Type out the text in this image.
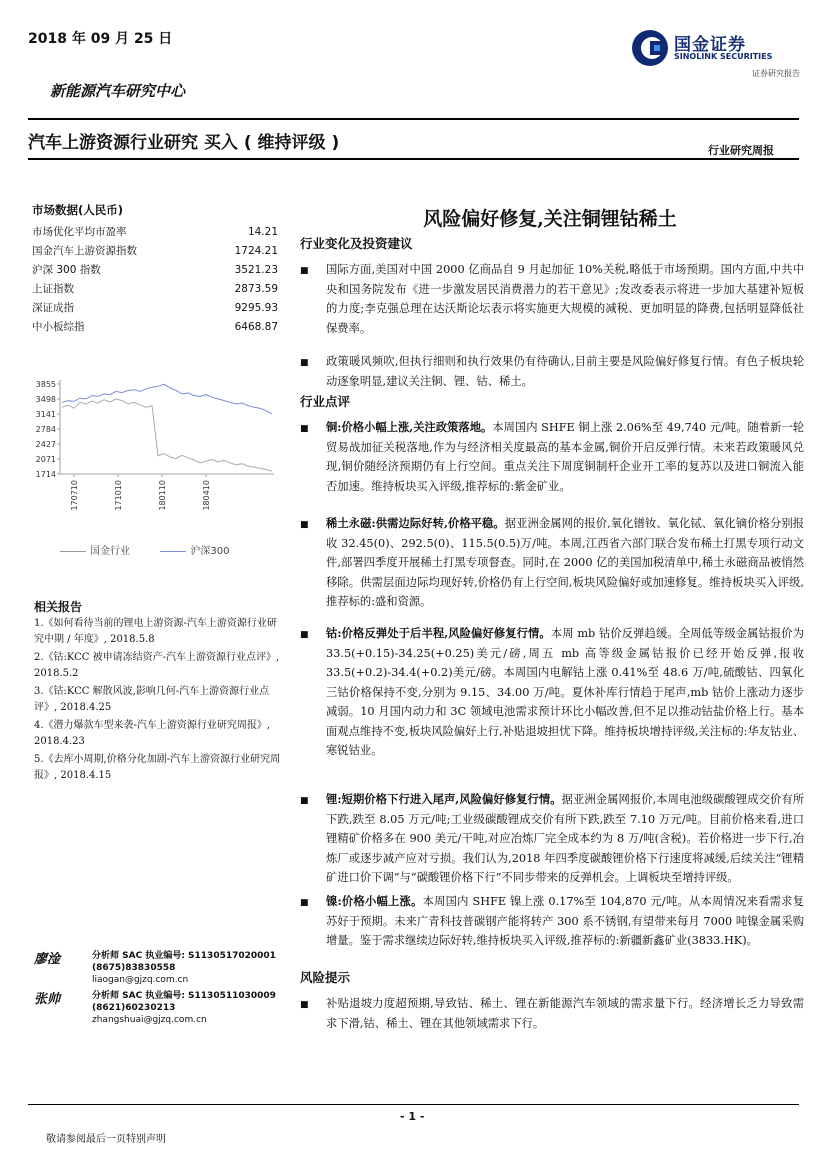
2018 年 09 月 25 日
新能源汽车研究中心
汽车上游资源行业研究 买入 ( 维持评级 )	行业研究周报
国金证券
SINOLINK SECURITIES
证券研究报告
市场数据(人民币)
市场优化平均市盈率	14.21
国金汽车上游资源指数	1724.21
沪深 300 指数	3521.23
上证指数	2873.59
深证成指	9295.93
中小板综指	6468.87
3855
3498
3141
2784
2427
2071
1714
170710	171010	180110	180410
国金行业	沪深300
相关报告
1.《如何看待当前的锂电上游资源-汽车上游资源行业研究中期 / 年度》, 2018.5.8
2.《钴:KCC 被申请冻结资产-汽车上游资源行业点评》, 2018.5.2
3.《钴:KCC 解散风波,影响几何-汽车上游资源行业点评》, 2018.4.25
4.《潜力爆款车型来袭-汽车上游资源行业研究周报》, 2018.4.23
5.《去库小周期,价格分化加剧-汽车上游资源行业研究周报》, 2018.4.15
廖淦	分析师 SAC 执业编号: S1130517020001
(8675)83830558
liaogan@gjzq.com.cn
张帅	分析师 SAC 执业编号: S1130511030009
(8621)60230213
zhangshuai@gjzq.com.cn
风险偏好修复,关注铜锂钴稀土
行业变化及投资建议
■ 国际方面,美国对中国 2000 亿商品自 9 月起加征 10%关税,略低于市场预期。国内方面,中共中央和国务院发布《进一步激发居民消费潜力的若干意见》;发改委表示将进一步加大基建补短板的力度;李克强总理在达沃斯论坛表示将实施更大规模的减税、更加明显的降费,包括明显降低社保费率。
■ 政策暖风频吹,但执行细则和执行效果仍有待确认,目前主要是风险偏好修复行情。有色子板块轮动逐象明显,建议关注铜、锂、钴、稀土。
行业点评
■ 铜:价格小幅上涨,关注政策落地。本周国内 SHFE 铜上涨 2.06%至 49,740 元/吨。随着新一轮贸易战加征关税落地,作为与经济相关度最高的基本金属,铜价开启反弹行情。未来若政策暖风兑现,铜价随经济预期仍有上行空间。重点关注下周度铜制杆企业开工率的复苏以及进口铜流入能否加速。维持板块买入评级,推荐标的:紫金矿业。
■ 稀土永磁:供需边际好转,价格平稳。据亚洲金属网的报价,氧化镨钕、氧化铽、氧化镝价格分别报收 32.45(0)、292.5(0)、115.5(0.5)万/吨。本周,江西省六部门联合发布稀土打黑专项行动文件,部署四季度开展稀土打黑专项督查。同时,在 2000 亿的美国加税清单中,稀土永磁商品被悄然移除。供需层面边际均现好转,价格仍有上行空间,板块风险偏好或加速修复。维持板块买入评级,推荐标的:盛和资源。
■ 钴:价格反弹处于后半程,风险偏好修复行情。本周 mb 钴价反弹趋缓。全周低等级金属钴报价为 33.5(+0.15)-34.25(+0.25)美元/磅,周五 mb 高等级金属钴报价已经开始反弹,报收 33.5(+0.2)-34.4(+0.2)美元/磅。本周国内电解钴上涨 0.41%至 48.6 万/吨,硫酸钴、四氧化三钴价格保持不变,分别为 9.15、34.00 万/吨。夏休补库行情趋于尾声,mb 钴价上涨动力逐步减弱。10 月国内动力和 3C 领域电池需求预计环比小幅改善,但不足以推动钴盐价格上行。基本面观点维持不变,板块风险偏好上行,补贴退坡担忧下降。维持板块增持评级,关注标的:华友钴业、寒锐钴业。
■ 锂:短期价格下行进入尾声,风险偏好修复行情。据亚洲金属网报价,本周电池级碳酸锂成交价有所下跌,跌至 8.05 万元/吨;工业级碳酸锂成交价有所下跌,跌至 7.10 万元/吨。目前价格来看,进口锂精矿价格多在 900 美元/干吨,对应冶炼厂完全成本约为 8 万/吨(含税)。若价格进一步下行,冶炼厂或逐步减产应对亏损。我们认为,2018 年四季度碳酸锂价格下行速度将减缓,后续关注“锂精矿进口价下调”与“碳酸锂价格下行”不同步带来的反弹机会。上调板块至增持评级。
■ 镍:价格小幅上涨。本周国内 SHFE 镍上涨 0.17%至 104,870 元/吨。从本周情况来看需求复苏好于预期。未来广青科技普碳钢产能将转产 300 系不锈钢,有望带来每月 7000 吨镍金属采购增量。鉴于需求继续边际好转,维持板块买入评级,推荐标的:新疆新鑫矿业(3833.HK)。
风险提示
■ 补贴退坡力度超预期,导致钴、稀土、锂在新能源汽车领域的需求量下行。经济增长乏力导致需求下滑,钴、稀土、锂在其他领域需求下行。
- 1 -
敬请参阅最后一页特别声明
